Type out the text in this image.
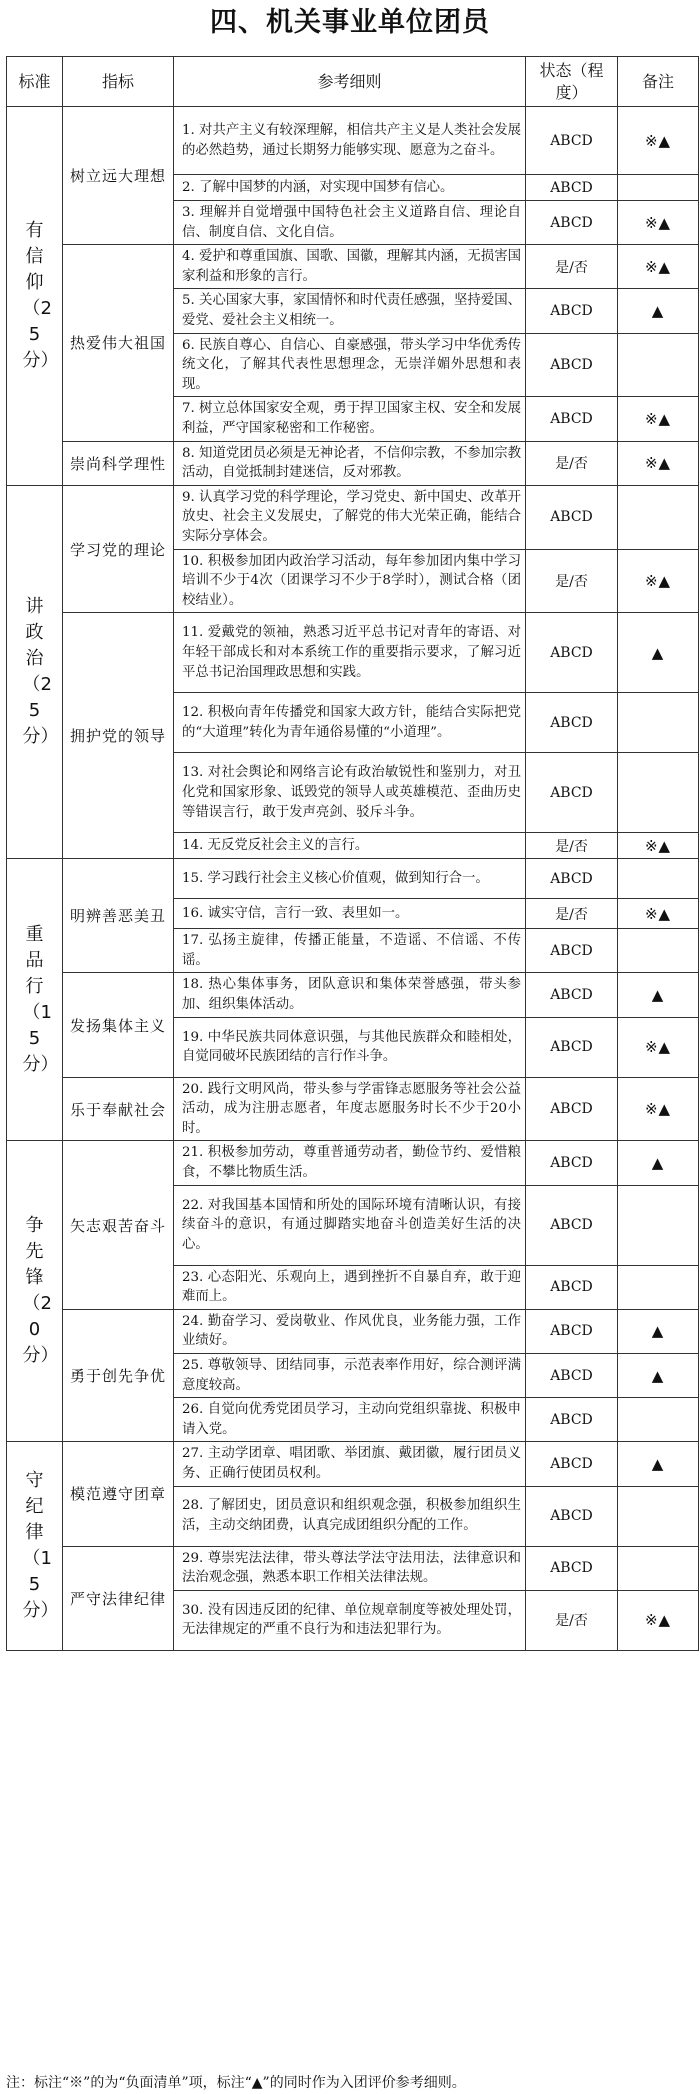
四、机关事业单位团员
标准	指标	参考细则	状态（程度）	备注
有信仰（25分）	树立远大理想	1. 对共产主义有较深理解，相信共产主义是人类社会发展的必然趋势，通过长期努力能够实现、愿意为之奋斗。	ABCD	※▲
		2. 了解中国梦的内涵，对实现中国梦有信心。	ABCD	
		3. 理解并自觉增强中国特色社会主义道路自信、理论自信、制度自信、文化自信。	ABCD	※▲
	热爱伟大祖国	4. 爱护和尊重国旗、国歌、国徽，理解其内涵，无损害国家利益和形象的言行。	是/否	※▲
		5. 关心国家大事，家国情怀和时代责任感强，坚持爱国、爱党、爱社会主义相统一。	ABCD	▲
		6. 民族自尊心、自信心、自豪感强，带头学习中华优秀传统文化，了解其代表性思想理念，无崇洋媚外思想和表现。	ABCD	
		7. 树立总体国家安全观，勇于捍卫国家主权、安全和发展利益，严守国家秘密和工作秘密。	ABCD	※▲
	崇尚科学理性	8. 知道党团员必须是无神论者，不信仰宗教，不参加宗教活动，自觉抵制封建迷信，反对邪教。	是/否	※▲
讲政治（25分）	学习党的理论	9. 认真学习党的科学理论，学习党史、新中国史、改革开放史、社会主义发展史，了解党的伟大光荣正确，能结合实际分享体会。	ABCD	
		10. 积极参加团内政治学习活动，每年参加团内集中学习培训不少于4次（团课学习不少于8学时），测试合格（团校结业）。	是/否	※▲
	拥护党的领导	11. 爱戴党的领袖，熟悉习近平总书记对青年的寄语、对年轻干部成长和对本系统工作的重要指示要求，了解习近平总书记治国理政思想和实践。	ABCD	▲
		12. 积极向青年传播党和国家大政方针，能结合实际把党的“大道理”转化为青年通俗易懂的“小道理”。	ABCD	
		13. 对社会舆论和网络言论有政治敏锐性和鉴别力，对丑化党和国家形象、诋毁党的领导人或英雄模范、歪曲历史等错误言行，敢于发声亮剑、驳斥斗争。	ABCD	
		14. 无反党反社会主义的言行。	是/否	※▲
重品行（15分）	明辨善恶美丑	15. 学习践行社会主义核心价值观，做到知行合一。	ABCD	
		16. 诚实守信，言行一致、表里如一。	是/否	※▲
		17. 弘扬主旋律，传播正能量，不造谣、不信谣、不传谣。	ABCD	
	发扬集体主义	18. 热心集体事务，团队意识和集体荣誉感强，带头参加、组织集体活动。	ABCD	▲
		19. 中华民族共同体意识强，与其他民族群众和睦相处，自觉同破坏民族团结的言行作斗争。	ABCD	※▲
	乐于奉献社会	20. 践行文明风尚，带头参与学雷锋志愿服务等社会公益活动，成为注册志愿者，年度志愿服务时长不少于20小时。	ABCD	※▲
争先锋（20分）	矢志艰苦奋斗	21. 积极参加劳动，尊重普通劳动者，勤俭节约、爱惜粮食，不攀比物质生活。	ABCD	▲
		22. 对我国基本国情和所处的国际环境有清晰认识，有接续奋斗的意识，有通过脚踏实地奋斗创造美好生活的决心。	ABCD	
		23. 心态阳光、乐观向上，遇到挫折不自暴自弃，敢于迎难而上。	ABCD	
	勇于创先争优	24. 勤奋学习、爱岗敬业、作风优良，业务能力强，工作业绩好。	ABCD	▲
		25. 尊敬领导、团结同事，示范表率作用好，综合测评满意度较高。	ABCD	▲
		26. 自觉向优秀党团员学习，主动向党组织靠拢、积极申请入党。	ABCD	
守纪律（15分）	模范遵守团章	27. 主动学团章、唱团歌、举团旗、戴团徽，履行团员义务、正确行使团员权利。	ABCD	▲
		28. 了解团史，团员意识和组织观念强，积极参加组织生活，主动交纳团费，认真完成团组织分配的工作。	ABCD	
	严守法律纪律	29. 尊崇宪法法律，带头尊法学法守法用法，法律意识和法治观念强，熟悉本职工作相关法律法规。	ABCD	
		30. 没有因违反团的纪律、单位规章制度等被处理处罚，无法律规定的严重不良行为和违法犯罪行为。	是/否	※▲
注：标注“※”的为“负面清单”项，标注“▲”的同时作为入团评价参考细则。
